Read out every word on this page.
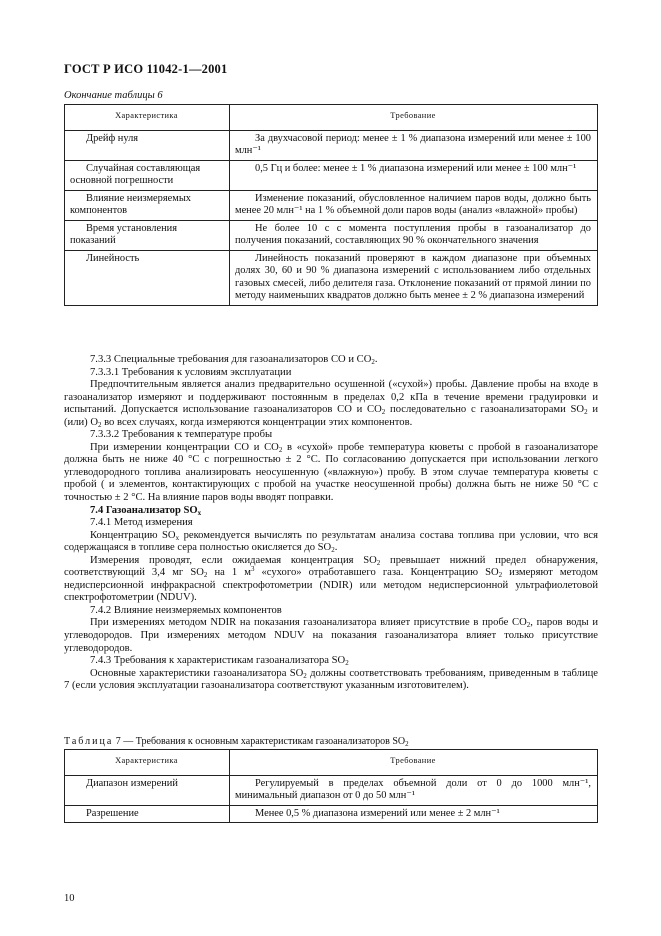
ГОСТ Р ИСО 11042-1—2001
Окончание таблицы 6
Характеристика	Требование
Дрейф нуля	За двухчасовой период: менее ± 1 % диапазона измерений или менее ± 100 млн⁻¹
Случайная составляющая основной погрешности	0,5 Гц и более: менее ± 1 % диапазона измерений или менее ± 100 млн⁻¹
Влияние неизмеряемых компонентов	Изменение показаний, обусловленное наличием паров воды, должно быть менее 20 млн⁻¹ на 1 % объемной доли паров воды (анализ «влажной» пробы)
Время установления показаний	Не более 10 с с момента поступления пробы в газоанализатор до получения показаний, составляющих 90 % окончательного значения
Линейность	Линейность показаний проверяют в каждом диапазоне при объемных долях 30, 60 и 90 % диапазона измерений с использованием либо отдельных газовых смесей, либо делителя газа. Отклонение показаний от прямой линии по методу наименьших квадратов должно быть менее ± 2 % диапазона измерений

7.3.3 Специальные требования для газоанализаторов СО и $СО_2$.

7.3.3.1 Требования к условиям эксплуатации

Предпочтительным является анализ предварительно осушенной («сухой») пробы. Давление пробы на входе в газоанализатор измеряют и поддерживают постоянным в пределах 0,2 кПа в течение времени градуировки и испытаний. Допускается использование газоанализаторов СО и $СО_2$ последовательно с газоанализаторами $SO_2$ и (или) $O_2$ во всех случаях, когда измеряются концентрации этих компонентов.

7.3.3.2 Требования к температуре пробы

При измерении концентрации СО и $СО_2$ в «сухой» пробе температура кюветы с пробой в газоанализаторе должна быть не ниже 40 °C с погрешностью ± 2 °C. По согласованию допускается при использовании легкого углеводородного топлива анализировать неосушенную («влажную») пробу. В этом случае температура кюветы с пробой ( и элементов, контактирующих с пробой на участке неосушенной пробы) должна быть не ниже 50 °C с точностью ± 2 °C. На влияние паров воды вводят поправки.

7.4 Газоанализатор $SO_x$

7.4.1 Метод измерения

Концентрацию $SO_x$ рекомендуется вычислять по результатам анализа состава топлива при условии, что вся содержащаяся в топливе сера полностью окисляется до $SO_2$.

Измерения проводят, если ожидаемая концентрация $SO_2$ превышает нижний предел обнаружения, соответствующий 3,4 мг $SO_2$ на 1 $м^3$ «сухого» отработавшего газа. Концентрацию $SO_2$ измеряют методом недисперсионной инфракрасной спектрофотометрии (NDIR) или методом недисперсионной ультрафиолетовой спектрофотометрии (NDUV).

7.4.2 Влияние неизмеряемых компонентов

При измерениях методом NDIR на показания газоанализатора влияет присутствие в пробе $СО_2$, паров воды и углеводородов. При измерениях методом NDUV на показания газоанализатора влияет только присутствие углеводородов.

7.4.3 Требования к характеристикам газоанализатора $SO_2$

Основные характеристики газоанализатора $SO_2$ должны соответствовать требованиям, приведенным в таблице 7 (если условия эксплуатации газоанализатора соответствуют указанным изготовителем).

Таблица 7 — Требования к основным характеристикам газоанализаторов $SO_2$
Характеристика	Требование
Диапазон измерений	Регулируемый в пределах объемной доли от 0 до 1000 млн⁻¹, минимальный диапазон от 0 до 50 млн⁻¹
Разрешение	Менее 0,5 % диапазона измерений или менее ± 2 млн⁻¹
10
